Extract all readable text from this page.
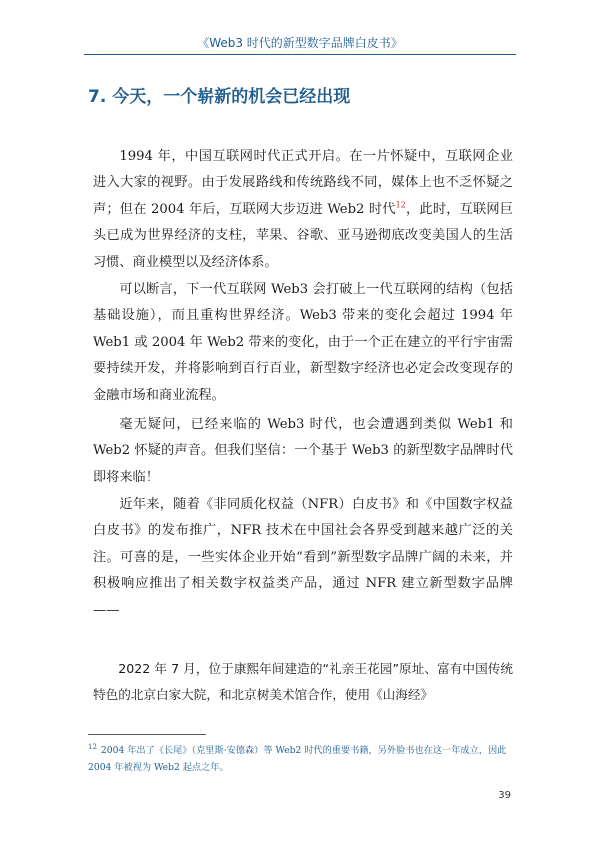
《Web3 时代的新型数字品牌白皮书》
7. 今天，一个崭新的机会已经出现

1994 年，中国互联网时代正式开启。在一片怀疑中，互联网企业进入大家的视野。由于发展路线和传统路线不同，媒体上也不乏怀疑之声；但在 2004 年后，互联网大步迈进 Web2 时代$^{12}$，此时，互联网巨头已成为世界经济的支柱，苹果、谷歌、亚马逊彻底改变美国人的生活习惯、商业模型以及经济体系。

可以断言，下一代互联网 Web3 会打破上一代互联网的结构（包括基础设施），而且重构世界经济。Web3 带来的变化会超过 1994 年 Web1 或 2004 年 Web2 带来的变化，由于一个正在建立的平行宇宙需要持续开发，并将影响到百行百业，新型数字经济也必定会改变现存的金融市场和商业流程。

毫无疑问，已经来临的 Web3 时代，也会遭遇到类似 Web1 和 Web2 怀疑的声音。但我们坚信：一个基于 Web3 的新型数字品牌时代即将来临！

近年来，随着《非同质化权益（NFR）白皮书》和《中国数字权益白皮书》的发布推广，NFR 技术在中国社会各界受到越来越广泛的关注。可喜的是，一些实体企业开始“看到”新型数字品牌广阔的未来，并积极响应推出了相关数字权益类产品，通过 NFR 建立新型数字品牌——

2022 年 7 月，位于康熙年间建造的“礼亲王花园”原址、富有中国传统特色的北京白家大院，和北京树美术馆合作，使用《山海经》

$^{12}$ 2004 年出了《长尾》（克里斯·安德森）等 Web2 时代的重要书籍，另外脸书也在这一年成立，因此 2004 年被视为 Web2 起点之年。
39
